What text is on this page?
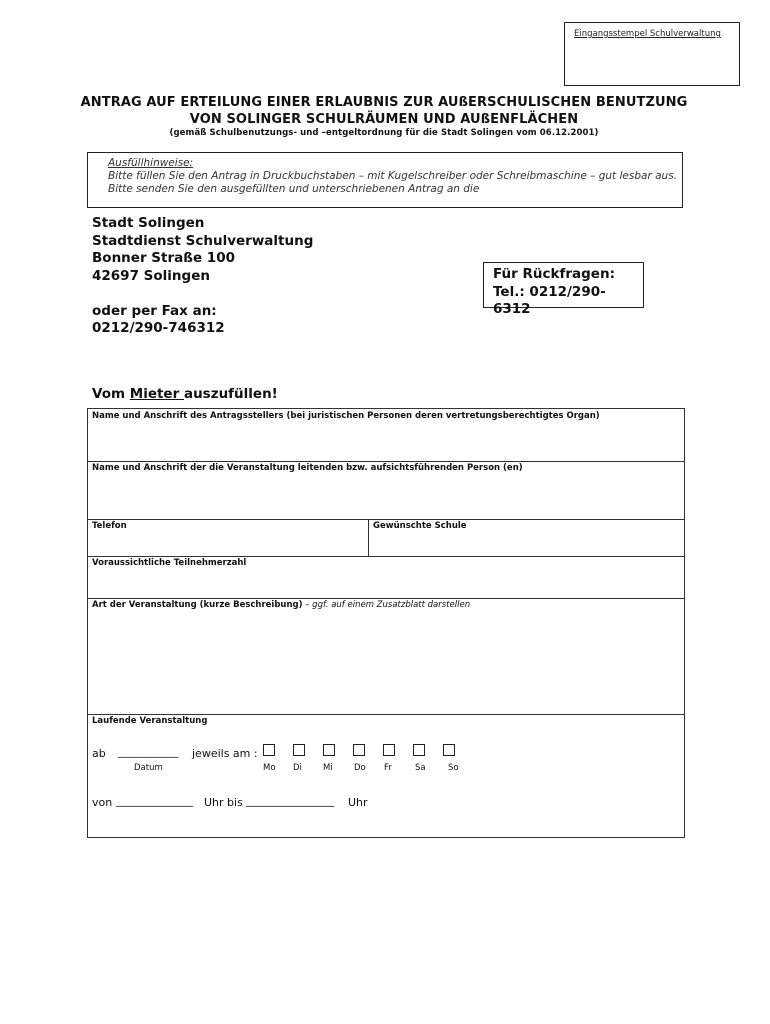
Eingangsstempel Schulverwaltung
ANTRAG AUF ERTEILUNG EINER ERLAUBNIS ZUR AUßERSCHULISCHEN BENUTZUNG
VON SOLINGER SCHULRÄUMEN UND AUßENFLÄCHEN
(gemäß Schulbenutzungs- und –entgeltordnung für die Stadt Solingen vom 06.12.2001)
Ausfüllhinweise:
Bitte füllen Sie den Antrag in Druckbuchstaben – mit Kugelschreiber oder Schreibmaschine – gut lesbar aus.
Bitte senden Sie den ausgefüllten und unterschriebenen Antrag an die
Stadt Solingen
Stadtdienst Schulverwaltung
Bonner Straße 100
42697 Solingen
oder per Fax an:
0212/290-746312
Für Rückfragen:
Tel.: 0212/290-6312
Vom Mieter auszufüllen!
Name und Anschrift des Antragsstellers (bei juristischen Personen deren vertretungsberechtigtes Organ)
Name und Anschrift der die Veranstaltung leitenden bzw. aufsichtsführenden Person (en)
Telefon	Gewünschte Schule
Voraussichtliche Teilnehmerzahl
Art der Veranstaltung (kurze Beschreibung) – ggf. auf einem Zusatzblatt darstellen
Laufende Veranstaltung
ab ___________ jeweils am :
Datum	Mo Di Mi	Do Fr	Sa	So
von ______________ Uhr bis ________________ Uhr
